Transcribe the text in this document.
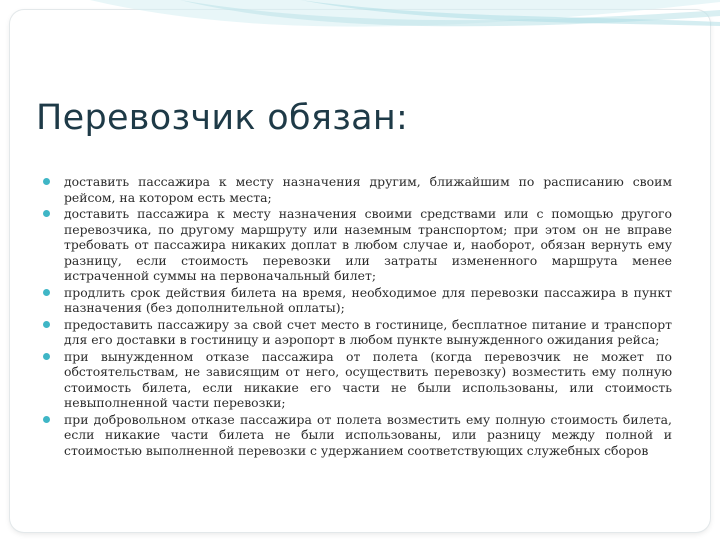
Перевозчик обязан:
доставить пассажира к месту назначения другим, ближайшим по расписанию своим рейсом, на котором есть места;
доставить пассажира к месту назначения своими средствами или с помощью другого перевозчика, по другому маршруту или наземным транспортом; при этом он не вправе требовать от пассажира никаких доплат в любом случае и, наоборот, обязан вернуть ему разницу, если стоимость перевозки или затраты измененного маршрута менее истраченной суммы на первоначальный билет;
продлить срок действия билета на время, необходимое для перевозки пассажира в пункт назначения (без дополнительной оплаты);
предоставить пассажиру за свой счет место в гостинице, бесплатное питание и транспорт для его доставки в гостиницу и аэропорт в любом пункте вынужденного ожидания рейса;
при вынужденном отказе пассажира от полета (когда перевозчик не может по обстоятельствам, не зависящим от него, осуществить перевозку) возместить ему полную стоимость билета, если никакие его части не были использованы, или стоимость невыполненной части перевозки;
при добровольном отказе пассажира от полета возместить ему полную стоимость билета, если никакие части билета не были использованы, или разницу между полной и стоимостью выполненной перевозки с удержанием соответствующих служебных сборов
